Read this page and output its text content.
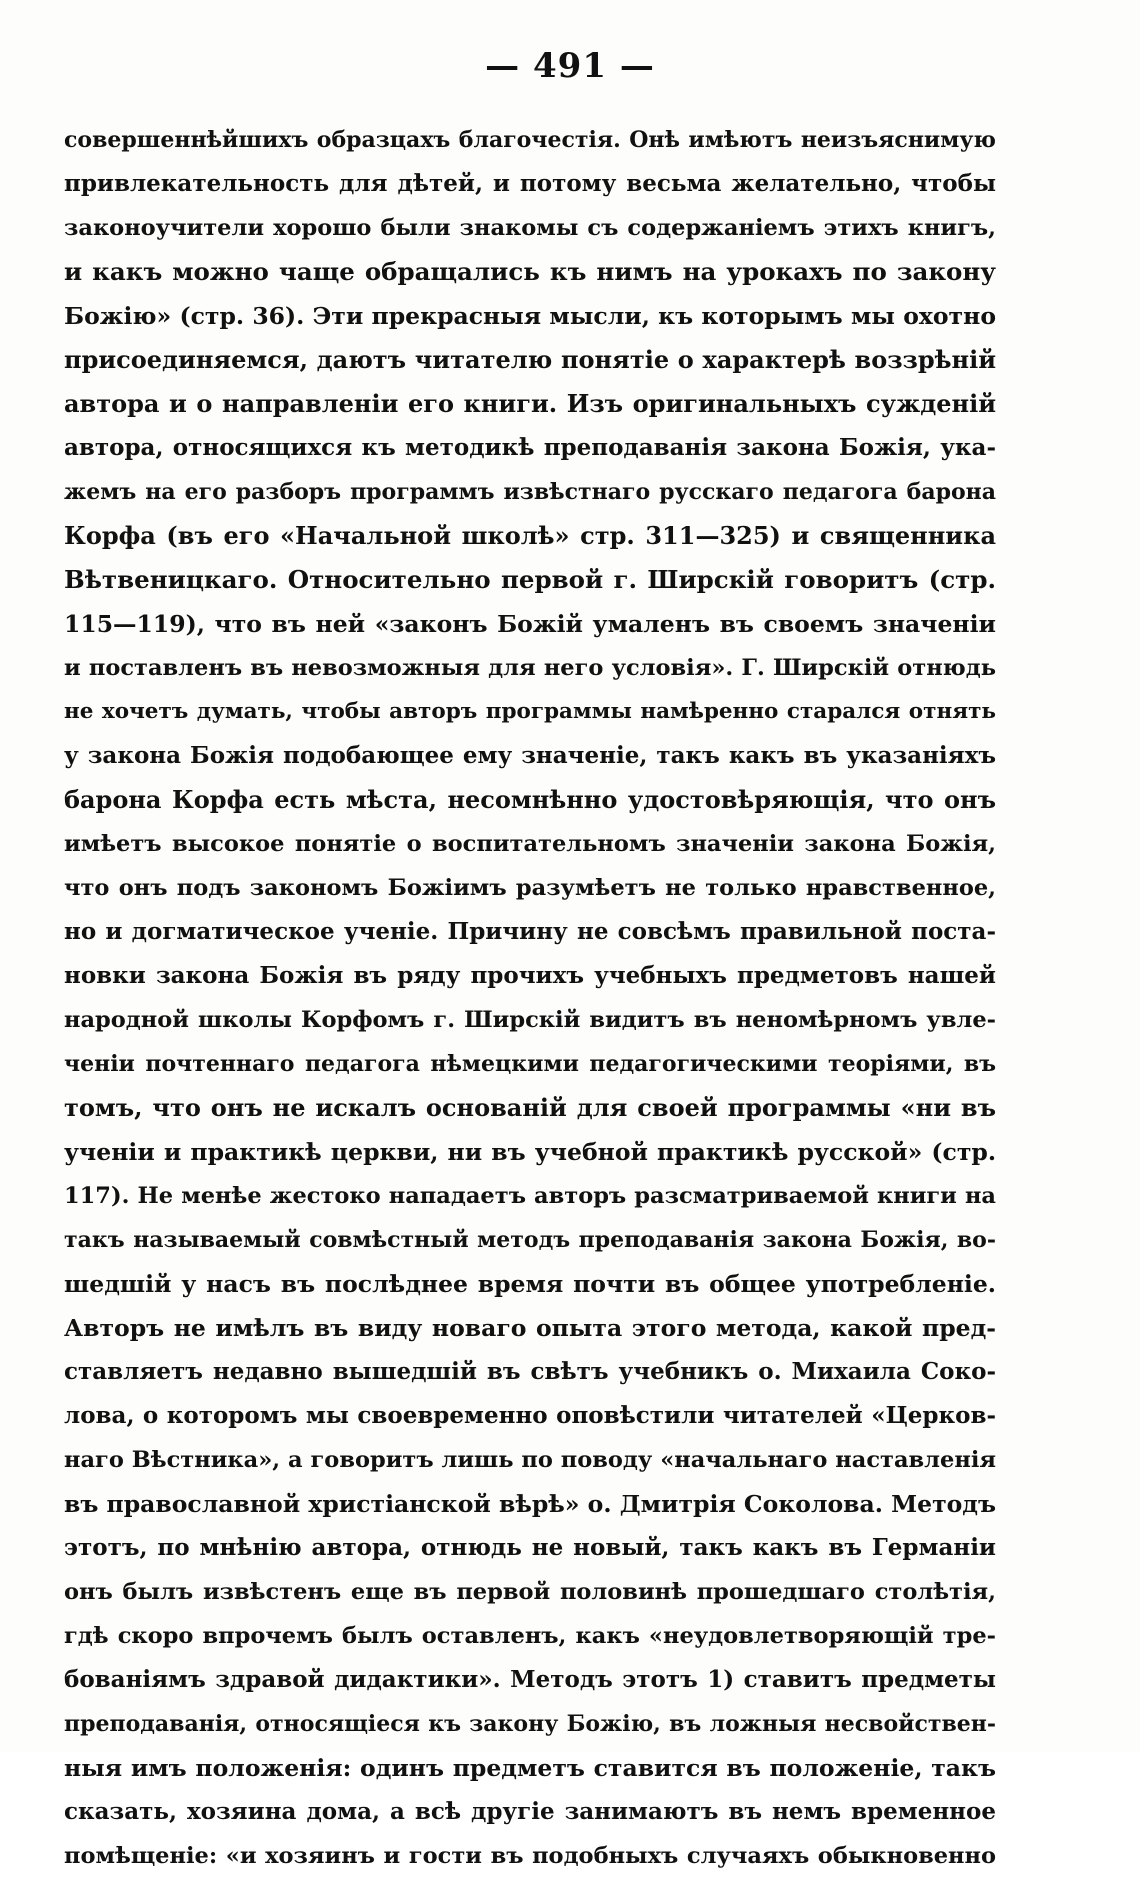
— 491 —
совершеннѣйшихъ образцахъ благочестія. Онѣ имѣютъ неизъяснимую
привлекательность для дѣтей, и потому весьма желательно, чтобы
законоучители хорошо были знакомы съ содержаніемъ этихъ книгъ,
и какъ можно чаще обращались къ нимъ на урокахъ по закону
Божію» (стр. 36). Эти прекрасныя мысли, къ которымъ мы охотно
присоединяемся, даютъ читателю понятіе о характерѣ воззрѣній
автора и о направленіи его книги. Изъ оригинальныхъ сужденій
автора, относящихся къ методикѣ преподаванія закона Божія, ука-
жемъ на его разборъ программъ извѣстнаго русскаго педагога барона
Корфа (въ его «Начальной школѣ» стр. 311—325) и священника
Вѣтвеницкаго. Относительно первой г. Ширскій говоритъ (стр.
115—119), что въ ней «законъ Божій умаленъ въ своемъ значеніи
и поставленъ въ невозможныя для него условія». Г. Ширскій отнюдь
не хочетъ думать, чтобы авторъ программы намѣренно старался отнять
у закона Божія подобающее ему значеніе, такъ какъ въ указаніяхъ
барона Корфа есть мѣста, несомнѣнно удостовѣряющія, что онъ
имѣетъ высокое понятіе о воспитательномъ значеніи закона Божія,
что онъ подъ закономъ Божіимъ разумѣетъ не только нравственное,
но и догматическое ученіе. Причину не совсѣмъ правильной поста-
новки закона Божія въ ряду прочихъ учебныхъ предметовъ нашей
народной школы Корфомъ г. Ширскій видитъ въ неномѣрномъ увле-
ченіи почтеннаго педагога нѣмецкими педагогическими теоріями, въ
томъ, что онъ не искалъ основаній для своей программы «ни въ
ученіи и практикѣ церкви, ни въ учебной практикѣ русской» (стр.
117). Не менѣе жестоко нападаетъ авторъ разсматриваемой книги на
такъ называемый совмѣстный методъ преподаванія закона Божія, во-
шедшій у насъ въ послѣднее время почти въ общее употребленіе.
Авторъ не имѣлъ въ виду новаго опыта этого метода, какой пред-
ставляетъ недавно вышедшій въ свѣтъ учебникъ о. Михаила Соко-
лова, о которомъ мы своевременно оповѣстили читателей «Церков-
наго Вѣстника», а говоритъ лишь по поводу «начальнаго наставленія
въ православной христіанской вѣрѣ» о. Дмитрія Соколова. Методъ
этотъ, по мнѣнію автора, отнюдь не новый, такъ какъ въ Германіи
онъ былъ извѣстенъ еще въ первой половинѣ прошедшаго столѣтія,
гдѣ скоро впрочемъ былъ оставленъ, какъ «неудовлетворяющій тре-
бованіямъ здравой дидактики». Методъ этотъ 1) ставитъ предметы
преподаванія, относящіеся къ закону Божію, въ ложныя несвойствен-
ныя имъ положенія: одинъ предметъ ставится въ положеніе, такъ
сказать, хозяина дома, а всѣ другіе занимаютъ въ немъ временное
помѣщеніе: «и хозяинъ и гости въ подобныхъ случаяхъ обыкновенно
